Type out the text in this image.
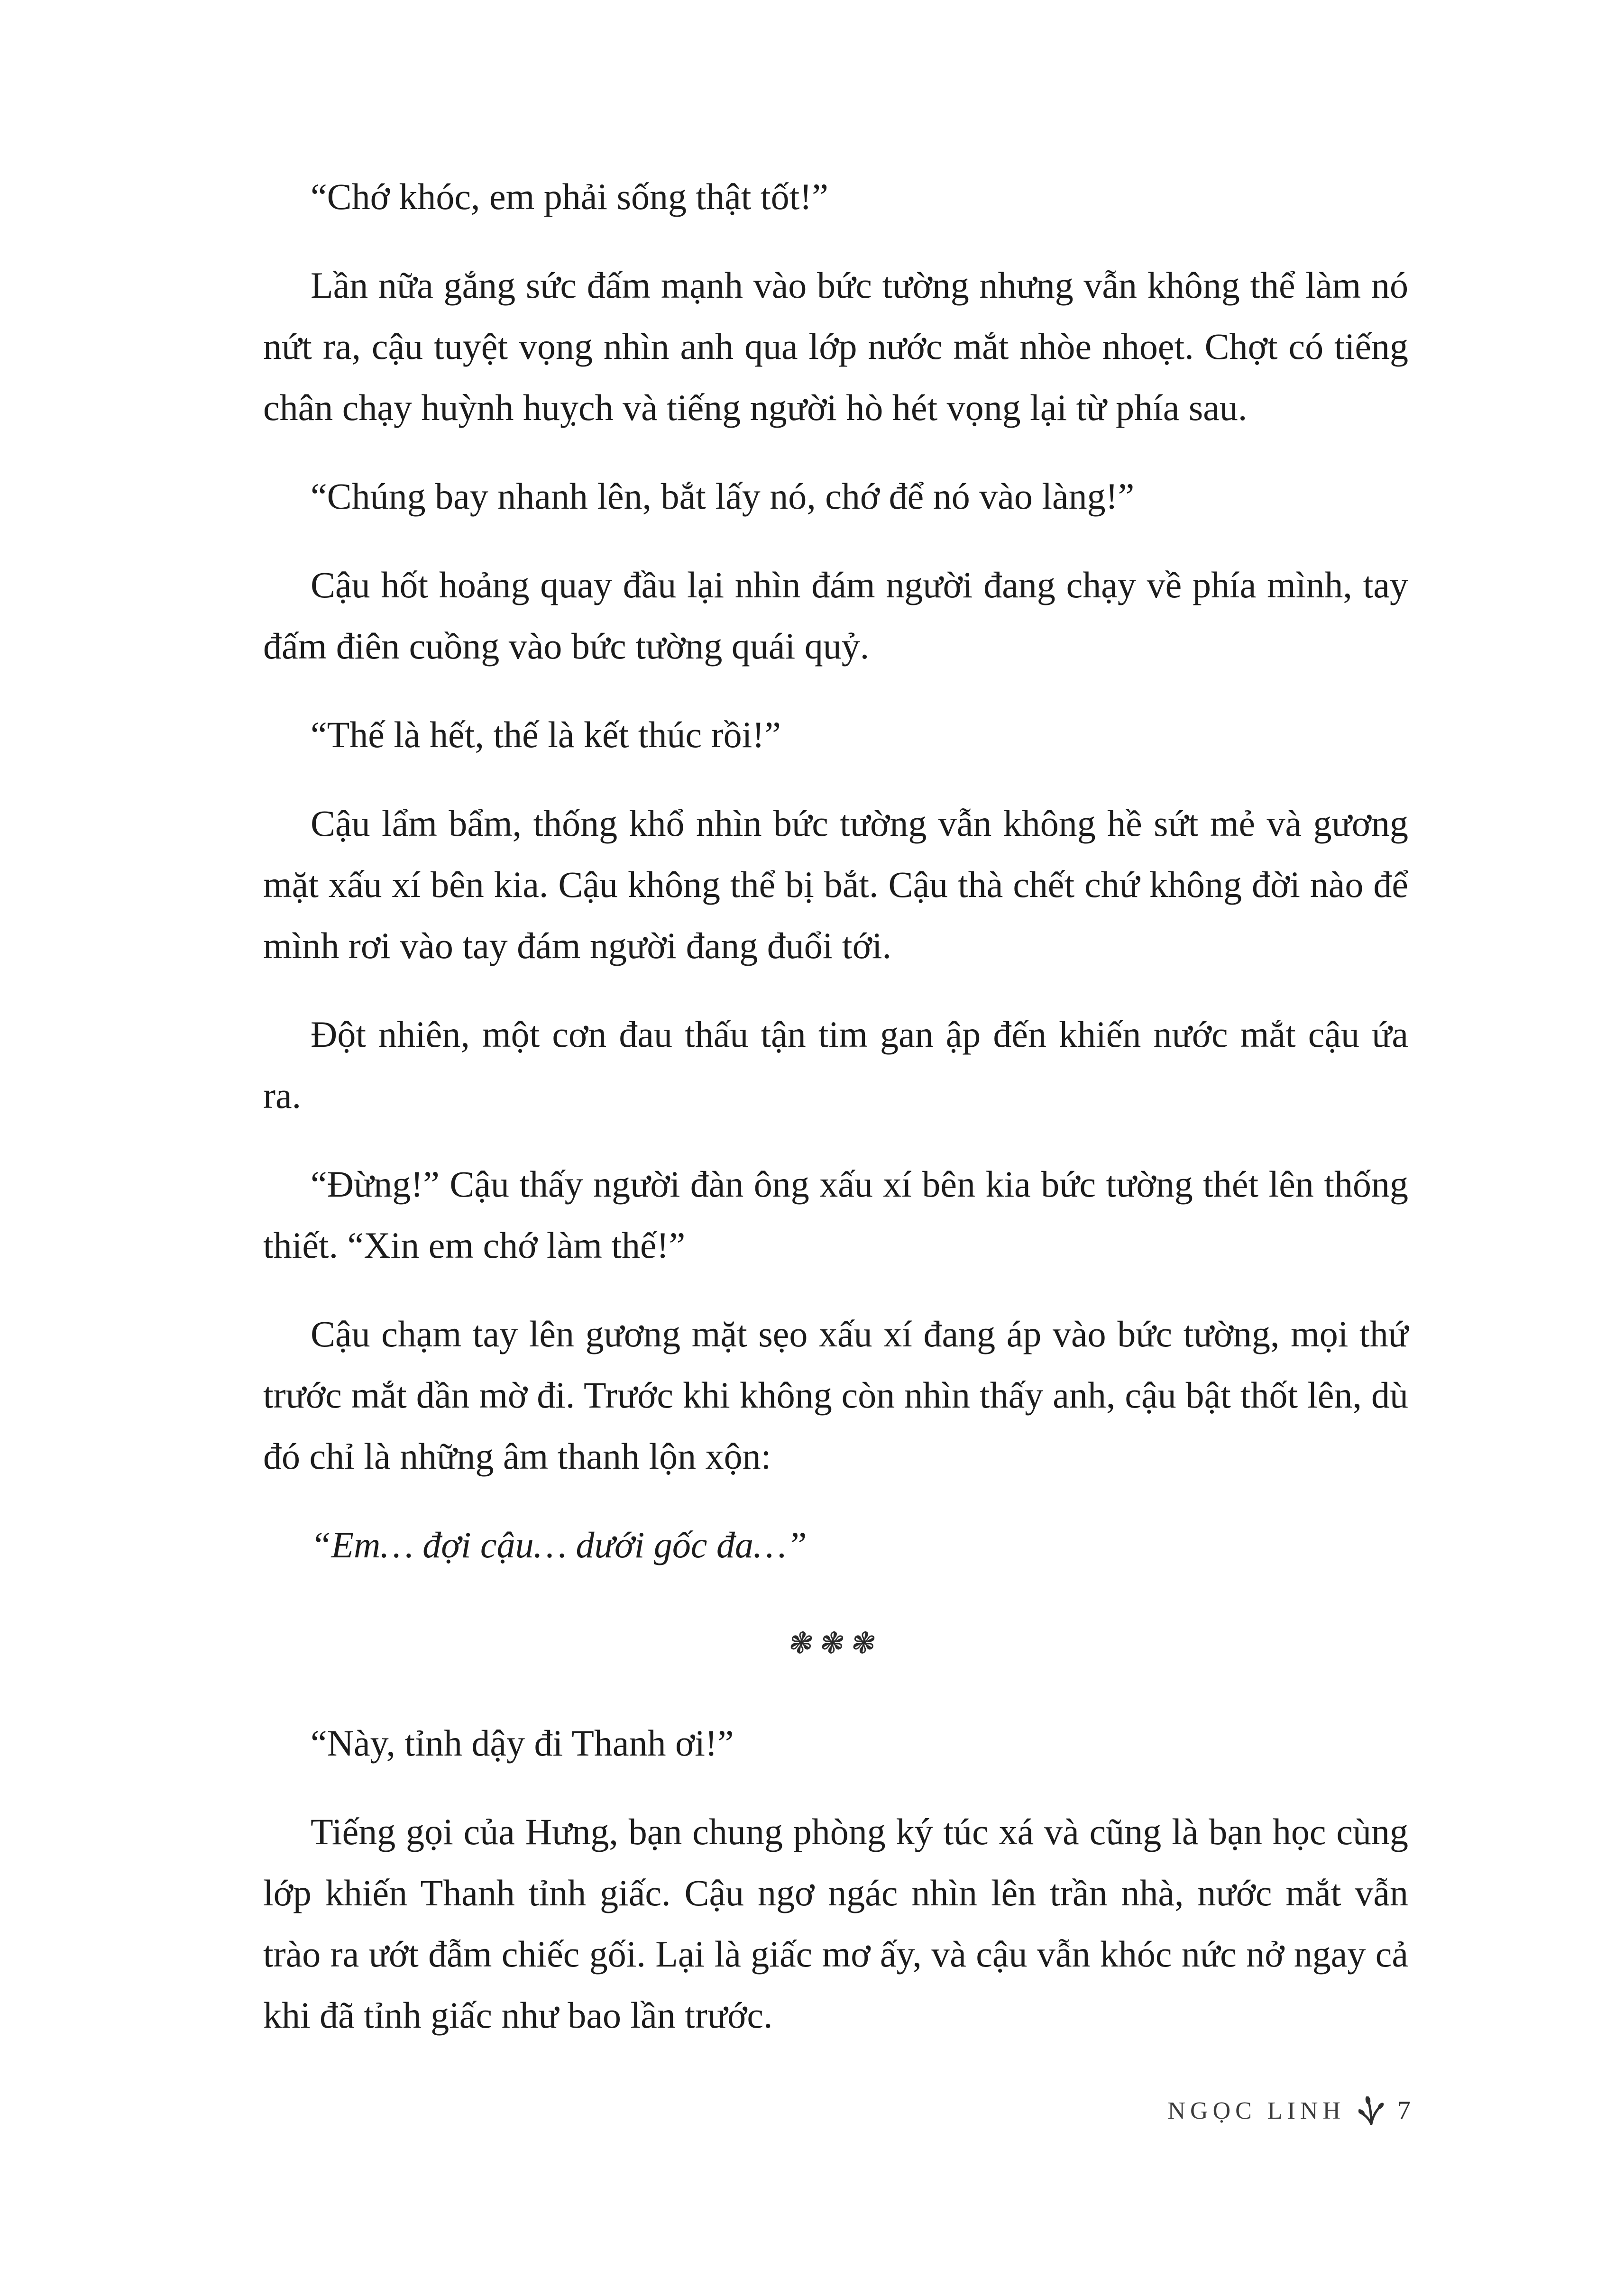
“Chớ khóc, em phải sống thật tốt!”

Lần nữa gắng sức đấm mạnh vào bức tường nhưng vẫn không thể làm nó nứt ra, cậu tuyệt vọng nhìn anh qua lớp nước mắt nhòe nhoẹt. Chợt có tiếng chân chạy huỳnh huỵch và tiếng người hò hét vọng lại từ phía sau.

“Chúng bay nhanh lên, bắt lấy nó, chớ để nó vào làng!”

Cậu hốt hoảng quay đầu lại nhìn đám người đang chạy về phía mình, tay đấm điên cuồng vào bức tường quái quỷ.

“Thế là hết, thế là kết thúc rồi!”

Cậu lẩm bẩm, thống khổ nhìn bức tường vẫn không hề sứt mẻ và gương mặt xấu xí bên kia. Cậu không thể bị bắt. Cậu thà chết chứ không đời nào để mình rơi vào tay đám người đang đuổi tới.

Đột nhiên, một cơn đau thấu tận tim gan ập đến khiến nước mắt cậu ứa ra.

“Đừng!” Cậu thấy người đàn ông xấu xí bên kia bức tường thét lên thống thiết. “Xin em chớ làm thế!”

Cậu chạm tay lên gương mặt sẹo xấu xí đang áp vào bức tường, mọi thứ trước mắt dần mờ đi. Trước khi không còn nhìn thấy anh, cậu bật thốt lên, dù đó chỉ là những âm thanh lộn xộn:

“Em… đợi cậu… dưới gốc đa…”

❃❃❃

“Này, tỉnh dậy đi Thanh ơi!”

Tiếng gọi của Hưng, bạn chung phòng ký túc xá và cũng là bạn học cùng lớp khiến Thanh tỉnh giấc. Cậu ngơ ngác nhìn lên trần nhà, nước mắt vẫn trào ra ướt đẫm chiếc gối. Lại là giấc mơ ấy, và cậu vẫn khóc nức nở ngay cả khi đã tỉnh giấc như bao lần trước.

NGỌC LINH 7
